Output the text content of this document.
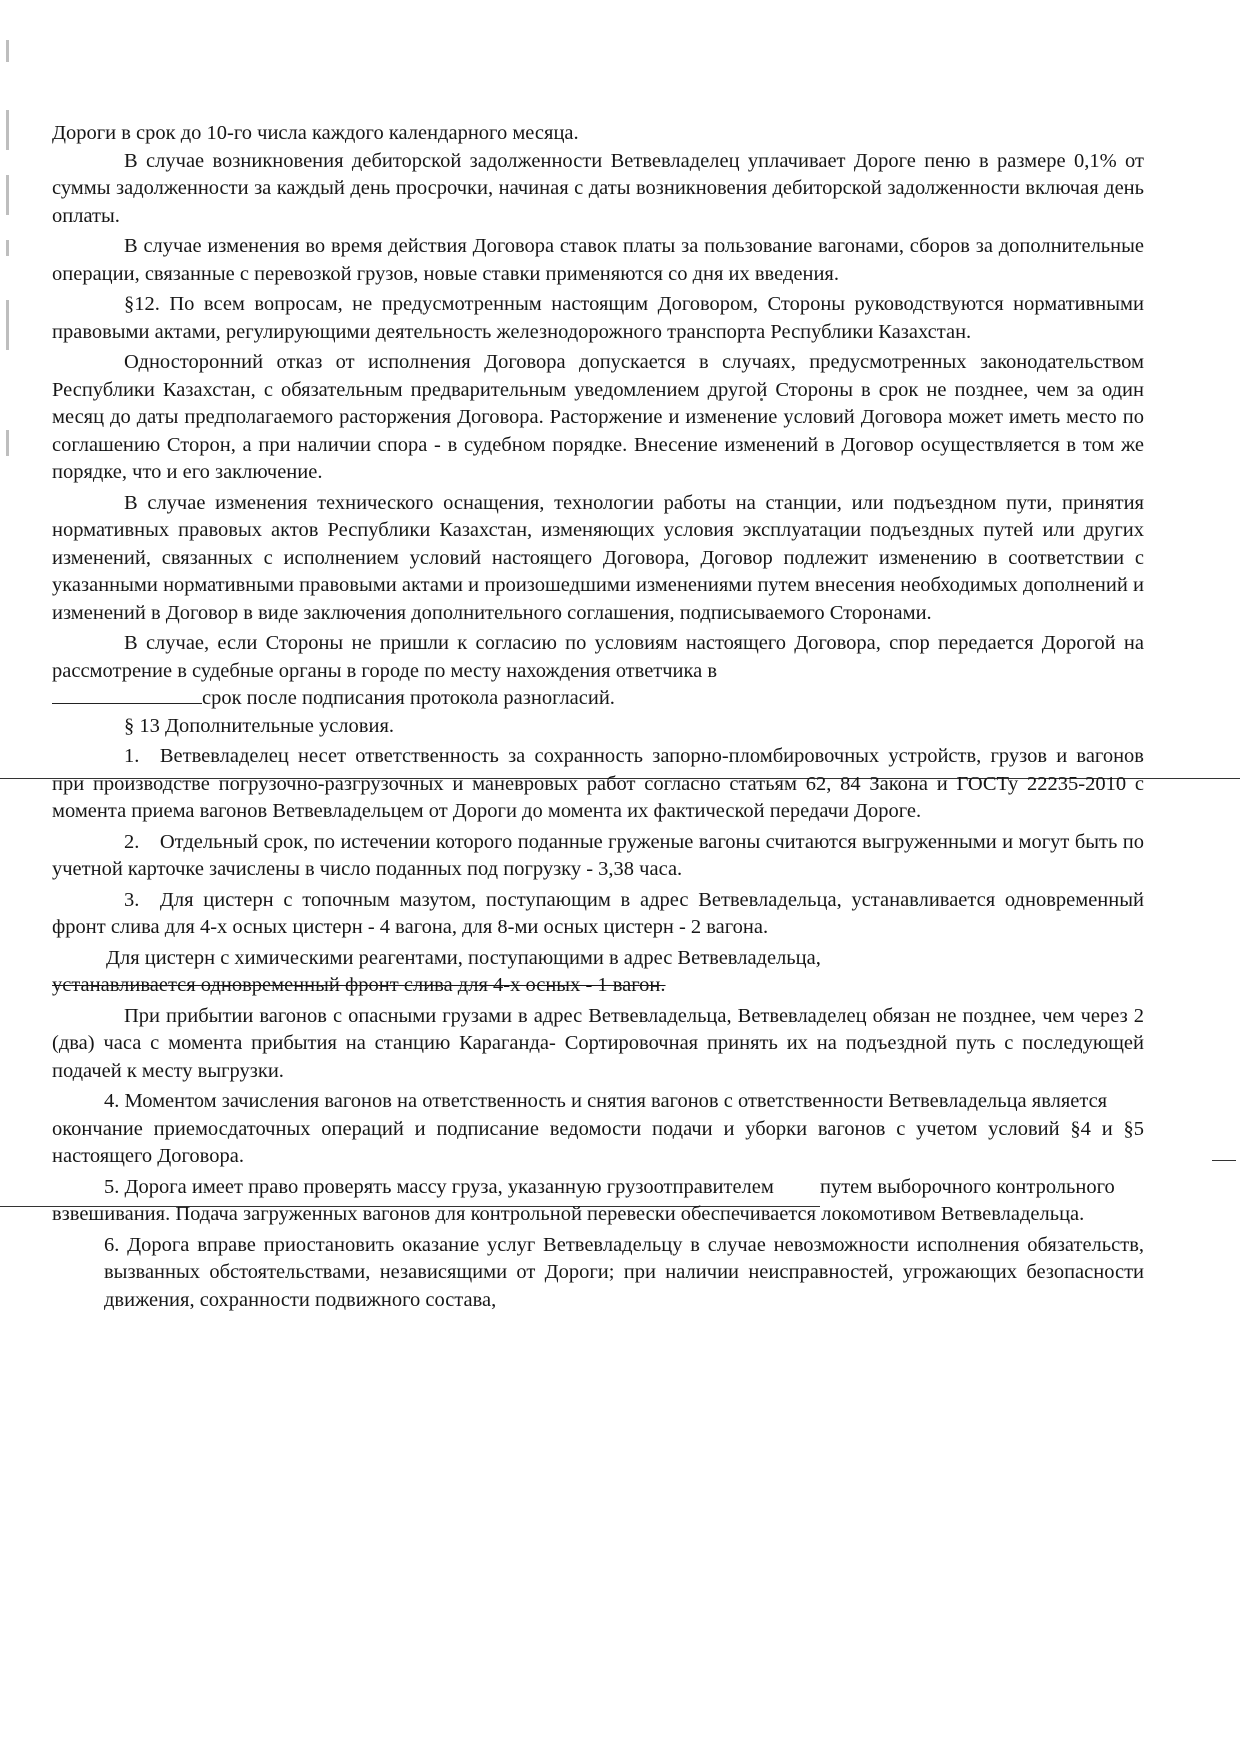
Дороги в срок до 10-го числа каждого календарного месяца.

В случае возникновения дебиторской задолженности Ветвевладелец уплачивает Дороге пеню в размере 0,1% от суммы задолженности за каждый день просрочки, начиная с даты возникновения дебиторской задолженности включая день оплаты.

В случае изменения во время действия Договора ставок платы за пользование вагонами, сборов за дополнительные операции, связанные с перевозкой грузов, новые ставки применяются со дня их введения.

§12. По всем вопросам, не предусмотренным настоящим Договором, Стороны руководствуются нормативными правовыми актами, регулирующими деятельность железнодорожного транспорта Республики Казахстан.

Односторонний отказ от исполнения Договора допускается в случаях, предусмотренных законодательством Республики Казахстан, с обязательным предварительным уведомлением другой Стороны в срок не позднее, чем за один месяц до даты предполагаемого расторжения Договора. Расторжение и изменение условий Договора может иметь место по соглашению Сторон, а при наличии спора - в судебном порядке. Внесение изменений в Договор осуществляется в том же порядке, что и его заключение.

В случае изменения технического оснащения, технологии работы на станции, или подъездном пути, принятия нормативных правовых актов Республики Казахстан, изменяющих условия эксплуатации подъездных путей или других изменений, связанных с исполнением условий настоящего Договора, Договор подлежит изменению в соответствии с указанными нормативными правовыми актами и произошедшими изменениями путем внесения необходимых дополнений и изменений в Договор в виде заключения дополнительного соглашения, подписываемого Сторонами.

В случае, если Стороны не пришли к согласию по условиям настоящего Договора, спор передается Дорогой на рассмотрение в судебные органы в городе по месту нахождения ответчика в

срок после подписания протокола разногласий.

§ 13 Дополнительные условия.

1. Ветвевладелец несет ответственность за сохранность запорно-пломбировочных устройств, грузов и вагонов при производстве погрузочно-разгрузочных и маневровых работ согласно статьям 62, 84 Закона и ГОСТу 22235-2010 с момента приема вагонов Ветвевладельцем от Дороги до момента их фактической передачи Дороге.

2. Отдельный срок, по истечении которого поданные груженые вагоны считаются выгруженными и могут быть по учетной карточке зачислены в число поданных под погрузку - 3,38 часа.

3. Для цистерн с топочным мазутом, поступающим в адрес Ветвевладельца, устанавливается одновременный фронт слива для 4-х осных цистерн - 4 вагона, для 8-ми осных цистерн - 2 вагона.

Для цистерн с химическими реагентами, поступающими в адрес Ветвевладельца,

устанавливается одновременный фронт слива для 4-х осных - 1 вагон.

При прибытии вагонов с опасными грузами в адрес Ветвевладельца, Ветвевладелец обязан не позднее, чем через 2 (два) часа с момента прибытия на станцию Караганда- Сортировочная принять их на подъездной путь с последующей подачей к месту выгрузки.

4. Моментом зачисления вагонов на ответственность и снятия вагонов с ответственности Ветвевладельца является

окончание приемосдаточных операций и подписание ведомости подачи и уборки вагонов с учетом условий §4 и §5 настоящего Договора.

5. Дорога имеет право проверять массу груза, указанную грузоотправителем   путем выборочного контрольного

взвешивания. Подача загруженных вагонов для контрольной перевески обеспечивается локомотивом Ветвевладельца.

6. Дорога вправе приостановить оказание услуг Ветвевладельцу в случае невозможности исполнения обязательств, вызванных обстоятельствами, независящими от Дороги; при наличии неисправностей, угрожающих безопасности движения, сохранности подвижного состава,
